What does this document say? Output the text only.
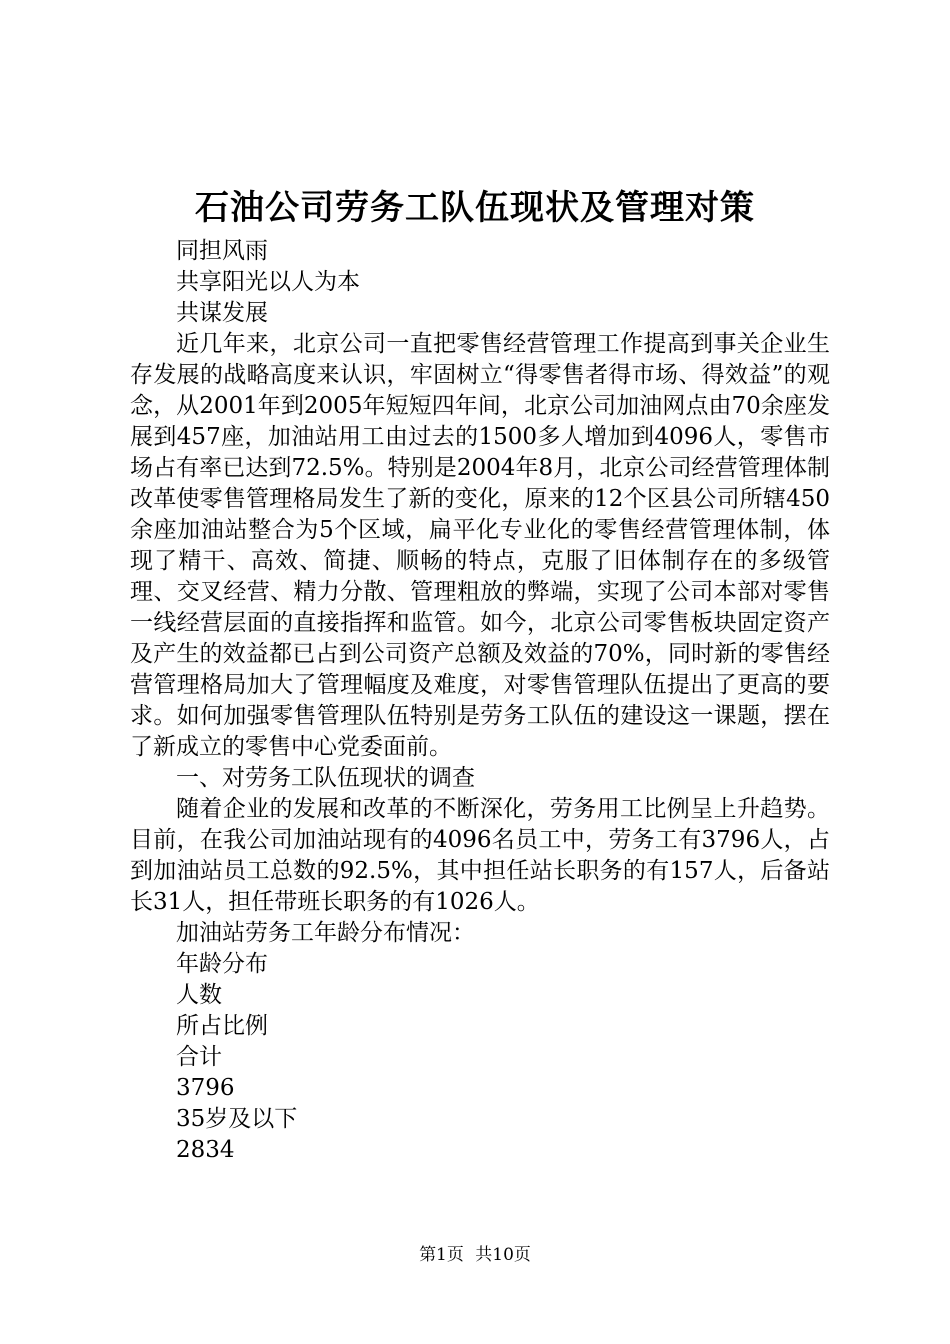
石油公司劳务工队伍现状及管理对策

同担风雨

共享阳光以人为本

共谋发展

近几年来，北京公司一直把零售经营管理工作提高到事关企业生存发展的战略高度来认识，牢固树立“得零售者得市场、得效益”的观念，从2001年到2005年短短四年间，北京公司加油网点由70余座发展到457座，加油站用工由过去的1500多人增加到4096人，零售市场占有率已达到72.5%。特别是2004年8月，北京公司经营管理体制改革使零售管理格局发生了新的变化，原来的12个区县公司所辖450余座加油站整合为5个区域，扁平化专业化的零售经营管理体制，体现了精干、高效、简捷、顺畅的特点，克服了旧体制存在的多级管理、交叉经营、精力分散、管理粗放的弊端，实现了公司本部对零售一线经营层面的直接指挥和监管。如今，北京公司零售板块固定资产及产生的效益都已占到公司资产总额及效益的70%，同时新的零售经营管理格局加大了管理幅度及难度，对零售管理队伍提出了更高的要求。如何加强零售管理队伍特别是劳务工队伍的建设这一课题，摆在了新成立的零售中心党委面前。

一、对劳务工队伍现状的调查

随着企业的发展和改革的不断深化，劳务用工比例呈上升趋势。目前，在我公司加油站现有的4096名员工中，劳务工有3796人，占到加油站员工总数的92.5%，其中担任站长职务的有157人，后备站长31人，担任带班长职务的有1026人。

加油站劳务工年龄分布情况：

年龄分布

人数

所占比例

合计

3796

35岁及以下

2834

第1页 共10页
